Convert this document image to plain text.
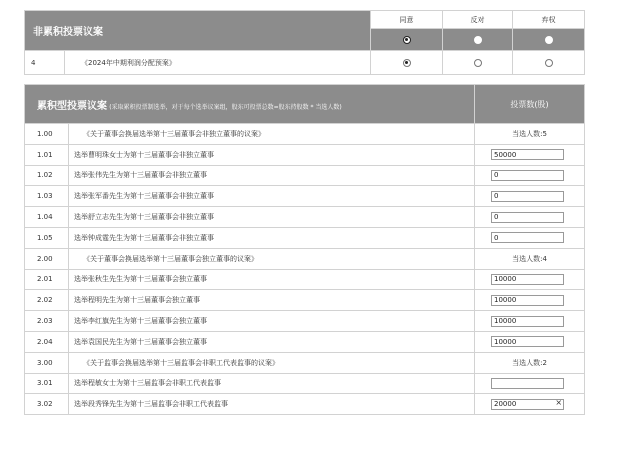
非累积投票议案		同意	反对	弃权

4	《2024年中期利润分配预案》			
累积型投票议案 (采取累积投票制选举，对于每个选举议案组，股东可投票总数=股东持股数 * 当选人数)		投票数(股)
1.00	《关于董事会换届选举第十三届董事会非独立董事的议案》	当选人数:5
1.01	选举曹明珠女士为第十三届董事会非独立董事	50000
1.02	选举张伟先生为第十三届董事会非独立董事	0
1.03	选举张军番先生为第十三届董事会非独立董事	0
1.04	选举舒立志先生为第十三届董事会非独立董事	0
1.05	选举钟成霆先生为第十三届董事会非独立董事	0
2.00	《关于董事会换届选举第十三届董事会独立董事的议案》	当选人数:4
2.01	选举张秋生先生为第十三届董事会独立董事	10000
2.02	选举程明先生为第十三届董事会独立董事	10000
2.03	选举李红旗先生为第十三届董事会独立董事	10000
2.04	选举袁国民先生为第十三届董事会独立董事	10000
3.00	《关于监事会换届选举第十三届监事会非职工代表监事的议案》	当选人数:2
3.01	选举程敏女士为第十三届监事会非职工代表监事	
3.02	选举段秀锋先生为第十三届监事会非职工代表监事	20000×
